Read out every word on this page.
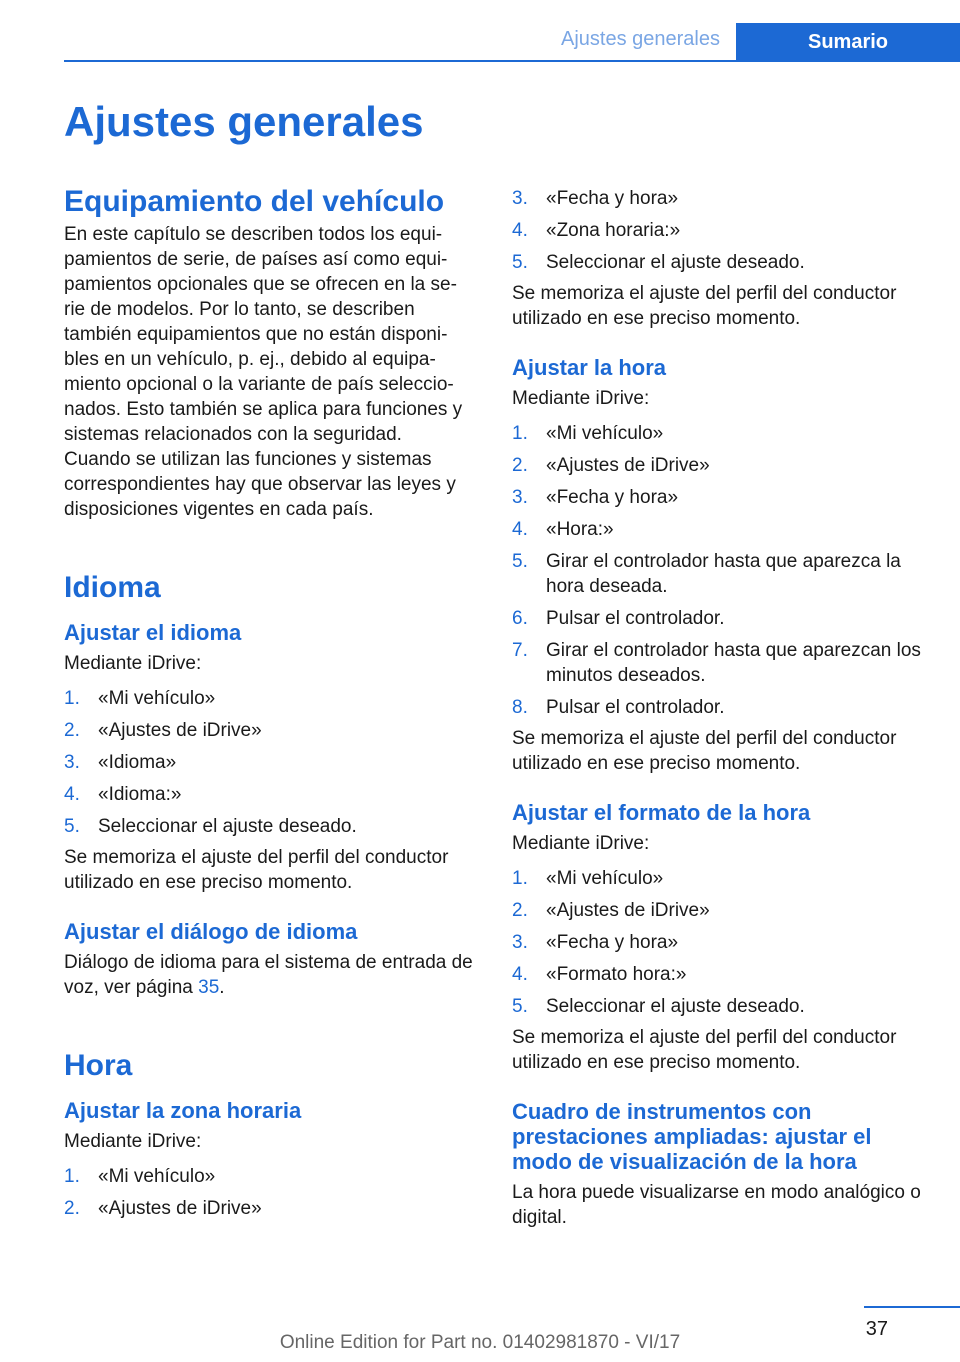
Ajustes generales	Sumario
Ajustes generales
Equipamiento del vehículo

En este capítulo se describen todos los equi- pamientos de serie, de países así como equi- pamientos opcionales que se ofrecen en la se- rie de modelos. Por lo tanto, se describen también equipamientos que no están disponi- bles en un vehículo, p. ej., debido al equipa- miento opcional o la variante de país seleccio- nados. Esto también se aplica para funciones y sistemas relacionados con la seguridad.

Cuando se utilizan las funciones y sistemas correspondientes hay que observar las leyes y disposiciones vigentes en cada país.

Idioma
Ajustar el idioma

Mediante iDrive:

1. «Mi vehículo»
2. «Ajustes de iDrive»
3. «Idioma»
4. «Idioma:»
5. Seleccionar el ajuste deseado.

Se memoriza el ajuste del perfil del conductor utilizado en ese preciso momento.

Ajustar el diálogo de idioma

Diálogo de idioma para el sistema de entrada de voz, ver página 35.

Hora
Ajustar la zona horaria

Mediante iDrive:

1. «Mi vehículo»
2. «Ajustes de iDrive»
3. «Fecha y hora»
4. «Zona horaria:»
5. Seleccionar el ajuste deseado.

Se memoriza el ajuste del perfil del conductor utilizado en ese preciso momento.

Ajustar la hora

Mediante iDrive:

1. «Mi vehículo»
2. «Ajustes de iDrive»
3. «Fecha y hora»
4. «Hora:»
5. Girar el controlador hasta que aparezca la hora deseada.
6. Pulsar el controlador.
7. Girar el controlador hasta que aparezcan los minutos deseados.
8. Pulsar el controlador.

Se memoriza el ajuste del perfil del conductor utilizado en ese preciso momento.

Ajustar el formato de la hora

Mediante iDrive:

1. «Mi vehículo»
2. «Ajustes de iDrive»
3. «Fecha y hora»
4. «Formato hora:»
5. Seleccionar el ajuste deseado.

Se memoriza el ajuste del perfil del conductor utilizado en ese preciso momento.

Cuadro de instrumentos con prestaciones ampliadas: ajustar el modo de visualización de la hora

La hora puede visualizarse en modo analógico o digital.

37
Online Edition for Part no. 01402981870 - VI/17
